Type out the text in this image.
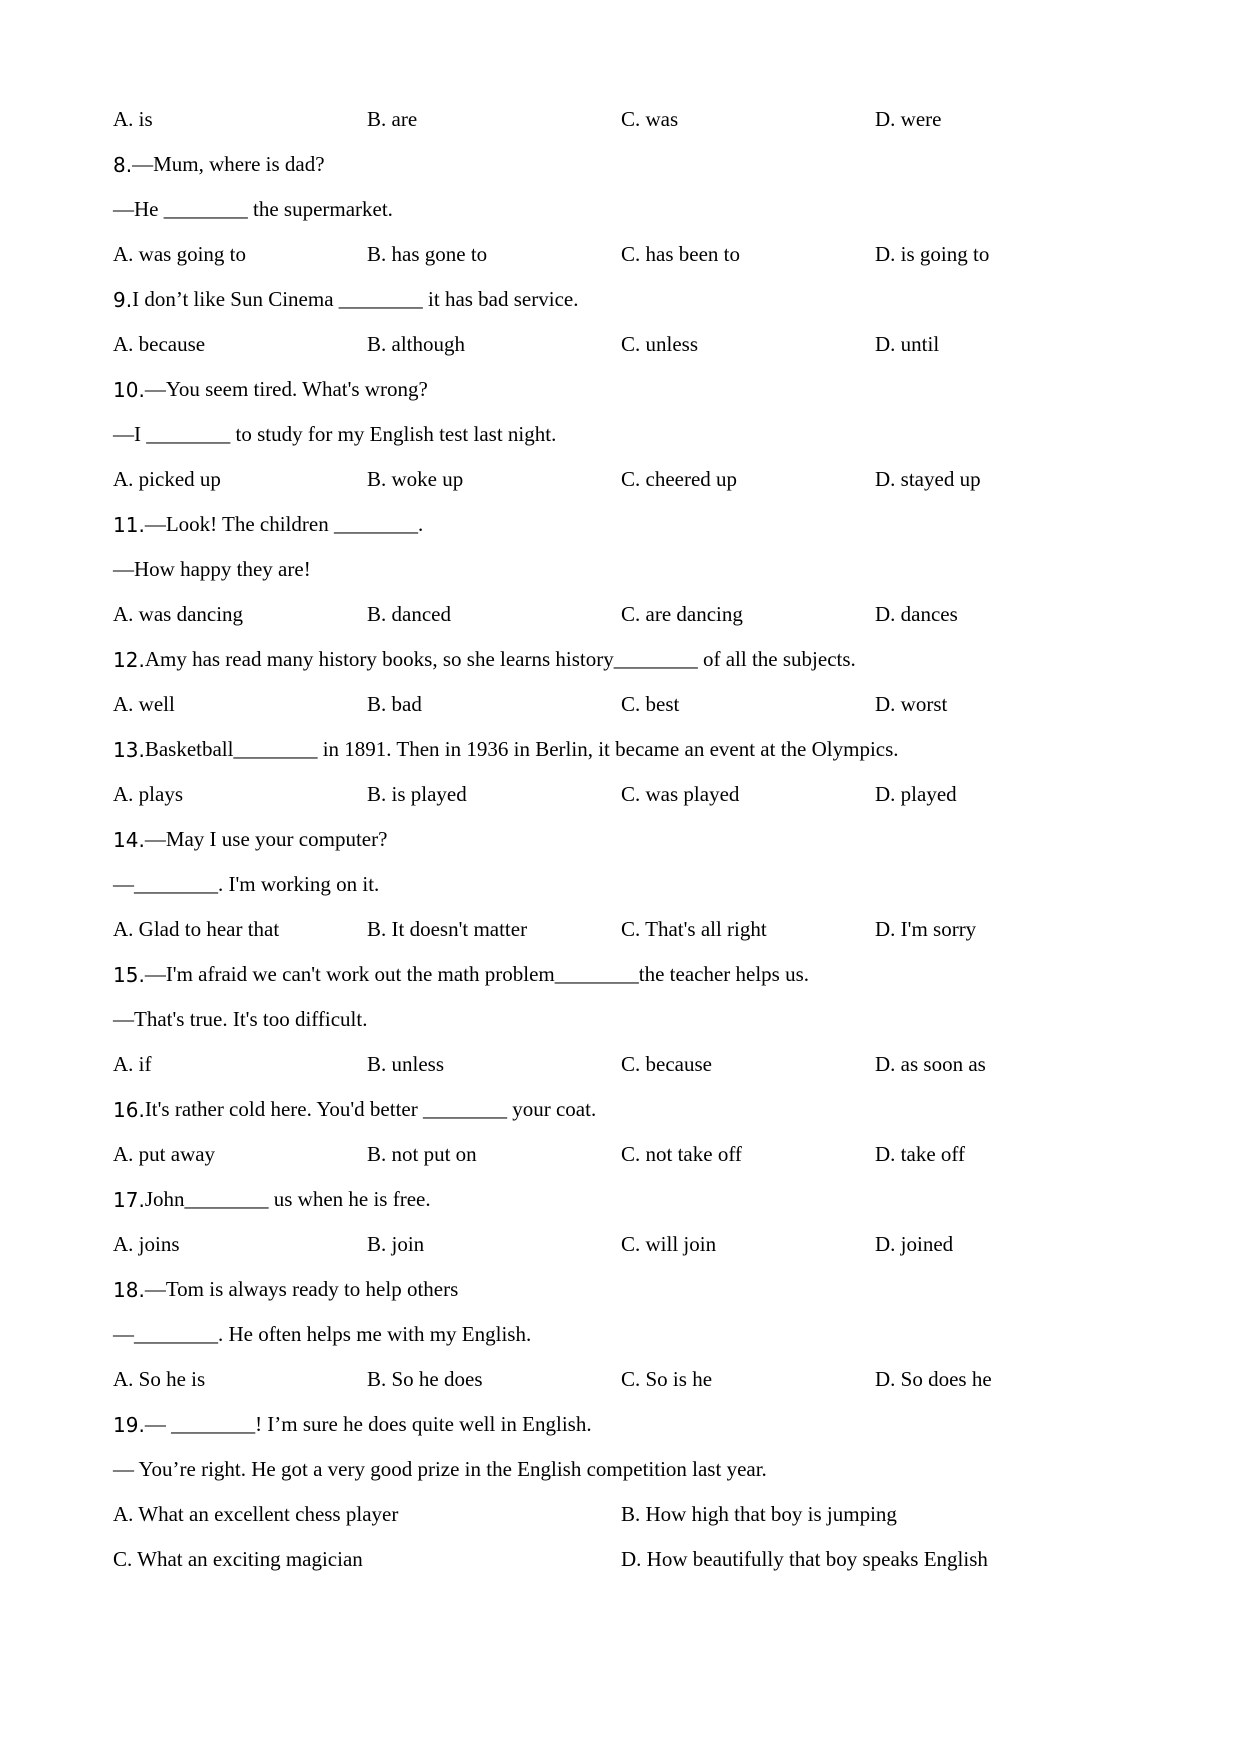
A. is	B. are	C. was	D. were
8. —Mum, where is dad?
—He ________ the supermarket.
A. was going to	B. has gone to	C. has been to	D. is going to
9. I don’t like Sun Cinema ________ it has bad service.
A. because	B. although	C. unless	D. until
10. —You seem tired. What's wrong?
—I ________ to study for my English test last night.
A. picked up	B. woke up	C. cheered up	D. stayed up
11. —Look! The children ________.
—How happy they are!
A. was dancing	B. danced	C. are dancing	D. dances
12. Amy has read many history books, so she learns history________ of all the subjects.
A. well	B. bad	C. best	D. worst
13. Basketball________ in 1891. Then in 1936 in Berlin, it became an event at the Olympics.
A. plays	B. is played	C. was played	D. played
14. —May I use your computer?
—________. I'm working on it.
A. Glad to hear that	B. It doesn't matter	C. That's all right	D. I'm sorry
15. —I'm afraid we can't work out the math problem________the teacher helps us.
—That's true. It's too difficult.
A. if	B. unless	C. because	D. as soon as
16. It's rather cold here. You'd better ________ your coat.
A. put away	B. not put on	C. not take off	D. take off
17. John________ us when he is free.
A. joins	B. join	C. will join	D. joined
18. —Tom is always ready to help others
—________. He often helps me with my English.
A. So he is	B. So he does	C. So is he	D. So does he
19. — ________! I’m sure he does quite well in English.
— You’re right. He got a very good prize in the English competition last year.
A. What an excellent chess player	B. How high that boy is jumping
C. What an exciting magician	D. How beautifully that boy speaks English
